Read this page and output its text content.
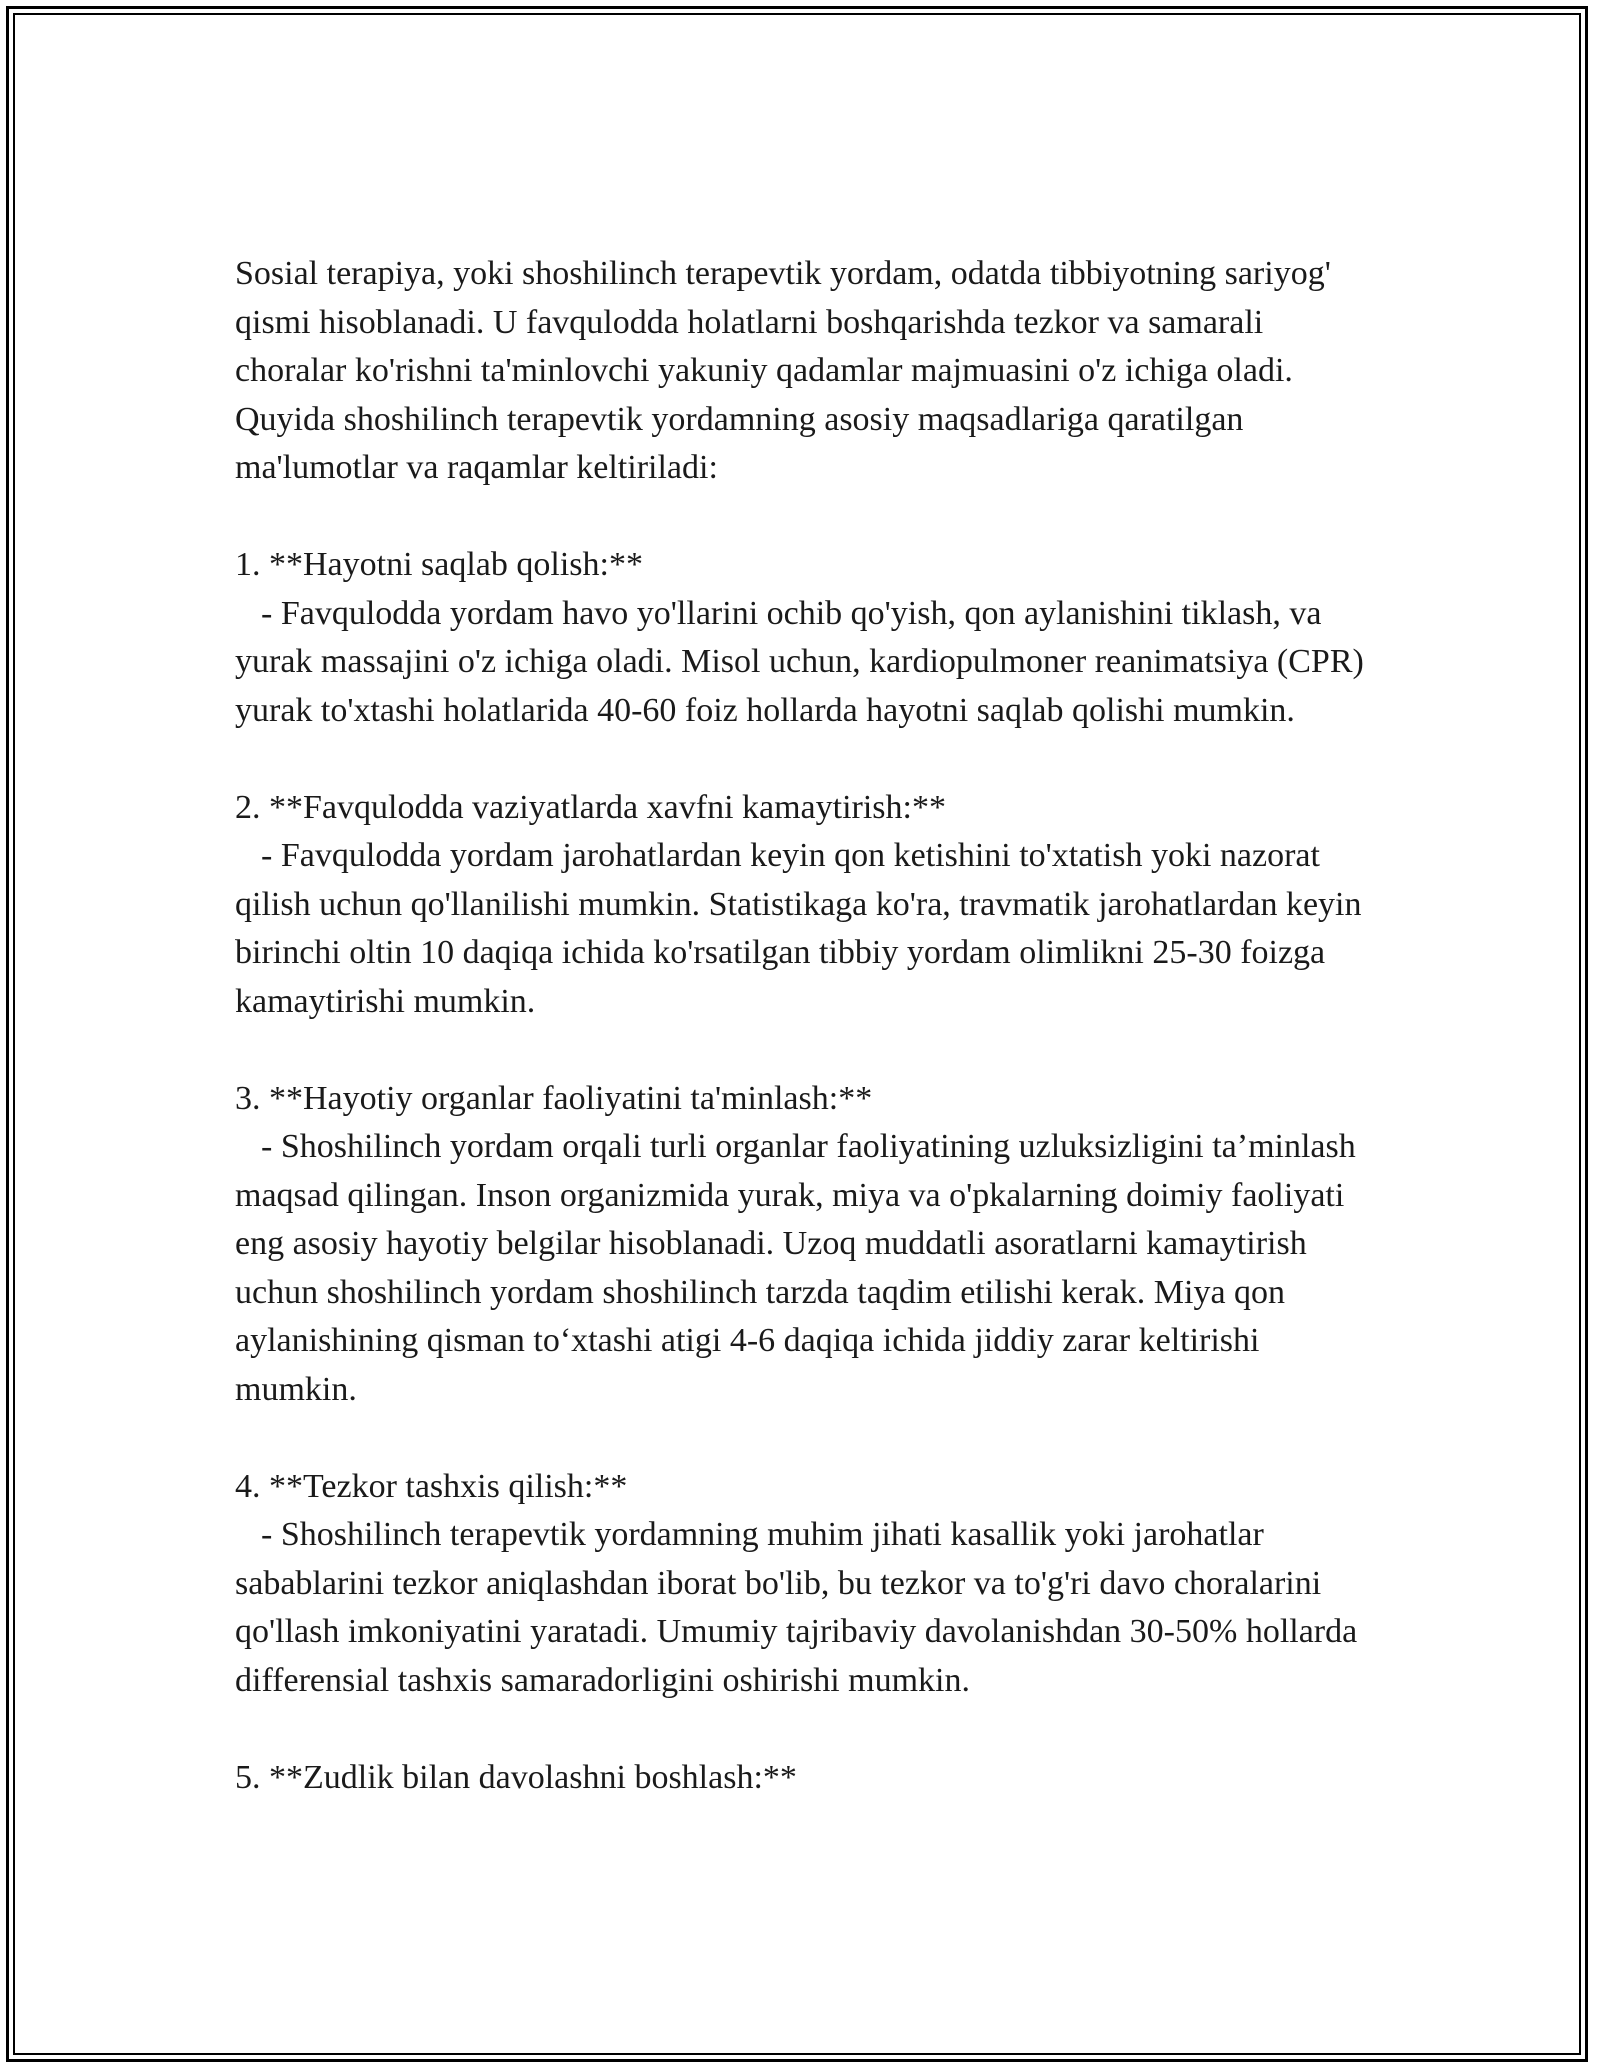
Sosial terapiya, yoki shoshilinch terapevtik yordam, odatda tibbiyotning sariyog' qismi hisoblanadi. U favqulodda holatlarni boshqarishda tezkor va samarali choralar ko'rishni ta'minlovchi yakuniy qadamlar majmuasini o'z ichiga oladi. Quyida shoshilinch terapevtik yordamning asosiy maqsadlariga qaratilgan ma'lumotlar va raqamlar keltiriladi:

1. **Hayotni saqlab qolish:**

- Favqulodda yordam havo yo'llarini ochib qo'yish, qon aylanishini tiklash, va yurak massajini o'z ichiga oladi. Misol uchun, kardiopulmoner reanimatsiya (CPR) yurak to'xtashi holatlarida 40-60 foiz hollarda hayotni saqlab qolishi mumkin.

2. **Favqulodda vaziyatlarda xavfni kamaytirish:**

- Favqulodda yordam jarohatlardan keyin qon ketishini to'xtatish yoki nazorat qilish uchun qo'llanilishi mumkin. Statistikaga ko'ra, travmatik jarohatlardan keyin birinchi oltin 10 daqiqa ichida ko'rsatilgan tibbiy yordam olimlikni 25-30 foizga kamaytirishi mumkin.

3. **Hayotiy organlar faoliyatini ta'minlash:**

- Shoshilinch yordam orqali turli organlar faoliyatining uzluksizligini ta’minlash maqsad qilingan. Inson organizmida yurak, miya va o'pkalarning doimiy faoliyati eng asosiy hayotiy belgilar hisoblanadi. Uzoq muddatli asoratlarni kamaytirish uchun shoshilinch yordam shoshilinch tarzda taqdim etilishi kerak. Miya qon aylanishining qisman to‘xtashi atigi 4-6 daqiqa ichida jiddiy zarar keltirishi mumkin.

4. **Tezkor tashxis qilish:**

- Shoshilinch terapevtik yordamning muhim jihati kasallik yoki jarohatlar sabablarini tezkor aniqlashdan iborat bo'lib, bu tezkor va to'g'ri davo choralarini qo'llash imkoniyatini yaratadi. Umumiy tajribaviy davolanishdan 30-50% hollarda differensial tashxis samaradorligini oshirishi mumkin.

5. **Zudlik bilan davolashni boshlash:**
